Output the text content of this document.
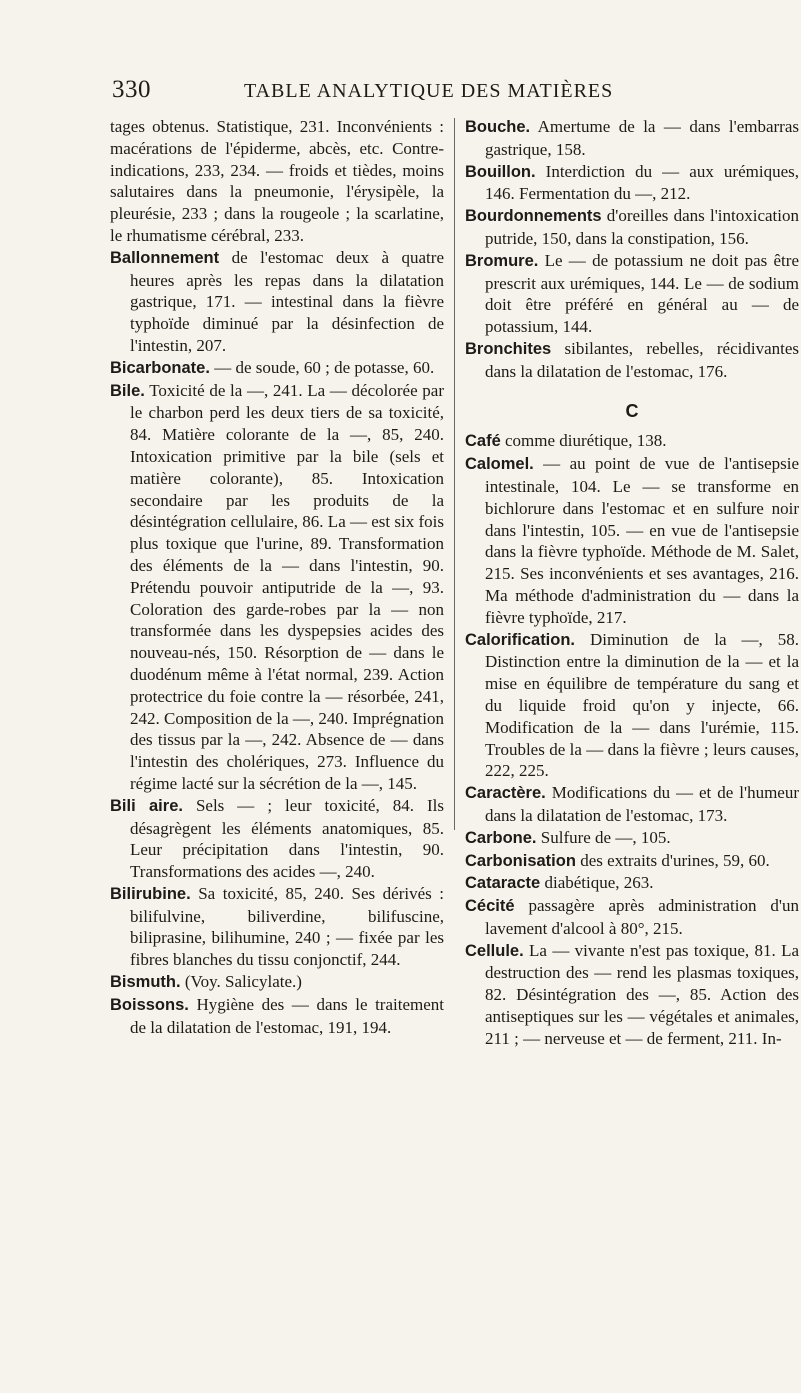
330	TABLE ANALYTIQUE DES MATIÈRES

tages obtenus. Statistique, 231. Inconvénients : macérations de l'épiderme, abcès, etc. Contre-indications, 233, 234. — froids et tièdes, moins salutaires dans la pneumonie, l'érysipèle, la pleurésie, 233 ; dans la rougeole ; la scarlatine, le rhumatisme cérébral, 233.

Ballonnement de l'estomac deux à quatre heures après les repas dans la dilatation gastrique, 171. — intestinal dans la fièvre typhoïde diminué par la désinfection de l'intestin, 207.

Bicarbonate. — de soude, 60 ; de potasse, 60.

Bile. Toxicité de la —, 241. La — décolorée par le charbon perd les deux tiers de sa toxicité, 84. Matière colorante de la —, 85, 240. Intoxication primitive par la bile (sels et matière colorante), 85. Intoxication secondaire par les produits de la désintégration cellulaire, 86. La — est six fois plus toxique que l'urine, 89. Transformation des éléments de la — dans l'intestin, 90. Prétendu pouvoir antiputride de la —, 93. Coloration des garde-robes par la — non transformée dans les dyspepsies acides des nouveau-nés, 150. Résorption de — dans le duodénum même à l'état normal, 239. Action protectrice du foie contre la — résorbée, 241, 242. Composition de la —, 240. Imprégnation des tissus par la —, 242. Absence de — dans l'intestin des cholériques, 273. Influence du régime lacté sur la sécrétion de la —, 145.

Bili aire. Sels — ; leur toxicité, 84. Ils désagrègent les éléments anatomiques, 85. Leur précipitation dans l'intestin, 90. Transformations des acides —, 240.

Bilirubine. Sa toxicité, 85, 240. Ses dérivés : bilifulvine, biliverdine, bilifuscine, biliprasine, bilihumine, 240 ; — fixée par les fibres blanches du tissu conjonctif, 244.

Bismuth. (Voy. Salicylate.)

Boissons. Hygiène des — dans le traitement de la dilatation de l'estomac, 191, 194.

Bouche. Amertume de la — dans l'embarras gastrique, 158.

Bouillon. Interdiction du — aux urémiques, 146. Fermentation du —, 212.

Bourdonnements d'oreilles dans l'intoxication putride, 150, dans la constipation, 156.

Bromure. Le — de potassium ne doit pas être prescrit aux urémiques, 144. Le — de sodium doit être préféré en général au — de potassium, 144.

Bronchites sibilantes, rebelles, récidivantes dans la dilatation de l'estomac, 176.

C

Café comme diurétique, 138.

Calomel. — au point de vue de l'antisepsie intestinale, 104. Le — se transforme en bichlorure dans l'estomac et en sulfure noir dans l'intestin, 105. — en vue de l'antisepsie dans la fièvre typhoïde. Méthode de M. Salet, 215. Ses inconvénients et ses avantages, 216. Ma méthode d'administration du — dans la fièvre typhoïde, 217.

Calorification. Diminution de la —, 58. Distinction entre la diminution de la — et la mise en équilibre de température du sang et du liquide froid qu'on y injecte, 66. Modification de la — dans l'urémie, 115. Troubles de la — dans la fièvre ; leurs causes, 222, 225.

Caractère. Modifications du — et de l'humeur dans la dilatation de l'estomac, 173.

Carbone. Sulfure de —, 105.

Carbonisation des extraits d'urines, 59, 60.

Cataracte diabétique, 263.

Cécité passagère après administration d'un lavement d'alcool à 80°, 215.

Cellule. La — vivante n'est pas toxique, 81. La destruction des — rend les plasmas toxiques, 82. Désintégration des —, 85. Action des antiseptiques sur les — végétales et animales, 211 ; — nerveuse et — de ferment, 211. In-
